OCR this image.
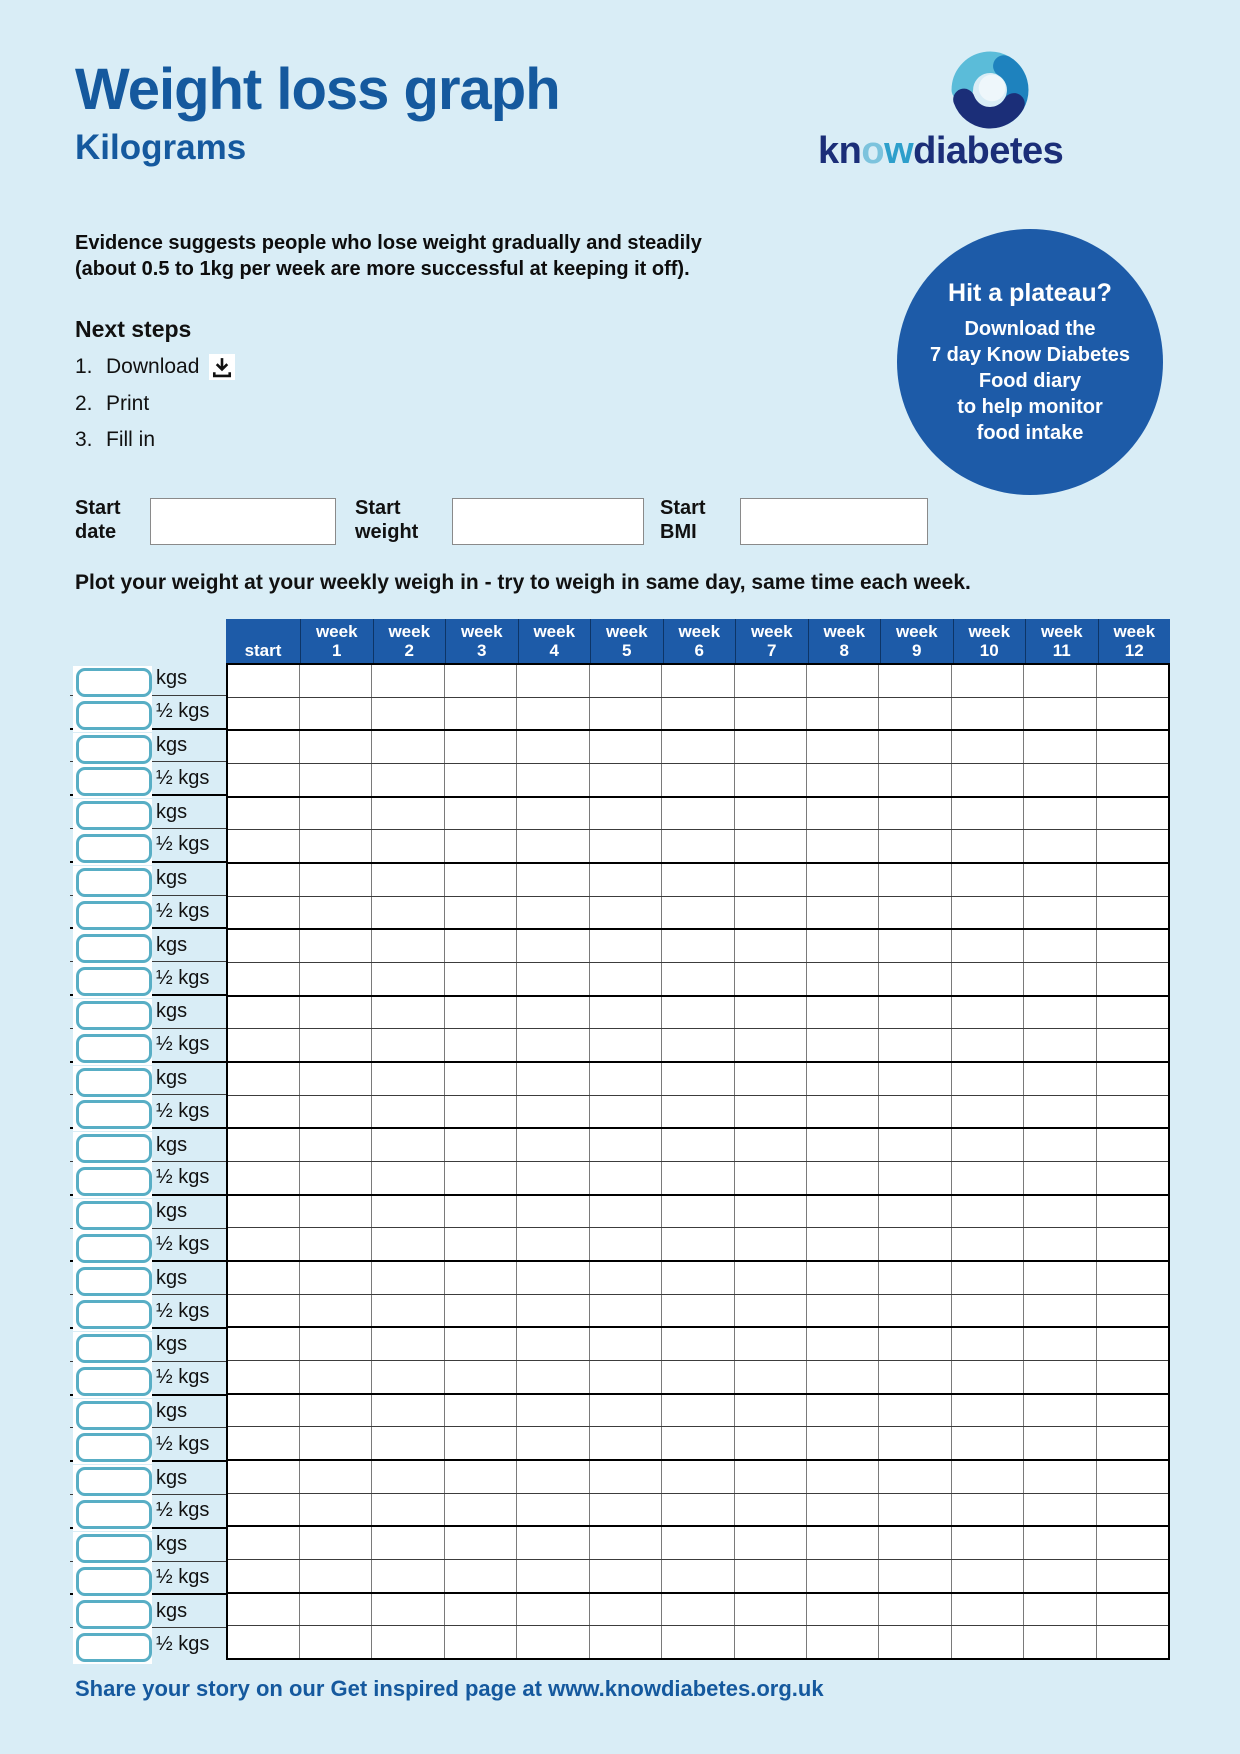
Weight loss graph
Kilograms	knowdiabetes
Evidence suggests people who lose weight gradually and steadily
(about 0.5 to 1kg per week are more successful at keeping it off).
Hit a plateau?
Download the
7 day Know Diabetes
Food diary
to help monitor
food intake
Next steps
1. Download
2. Print
3. Fill in
Start
date
Start
weight
Start
BMI
Plot your weight at your weekly weigh in - try to weigh in same day, same time each week.
start
week
1
week
2
week
3
week
4
week
5
week
6
week
7
week
8
week
9
week
10
week
11
week
12
kgs
½ kgs
kgs
½ kgs
kgs
½ kgs
kgs
½ kgs
kgs
½ kgs
kgs
½ kgs
kgs
½ kgs
kgs
½ kgs
kgs
½ kgs
kgs
½ kgs
kgs
½ kgs
kgs
½ kgs
kgs
½ kgs
kgs
½ kgs
kgs
½ kgs
Share your story on our Get inspired page at www.knowdiabetes.org.uk
